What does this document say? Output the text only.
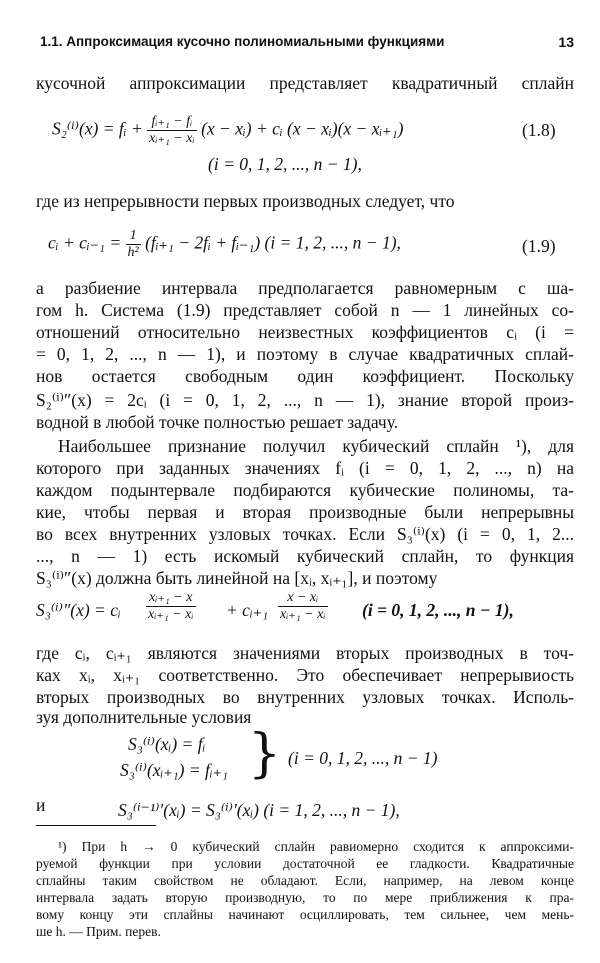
1.1. Аппроксимация кусочно полиномиальными функциями	13
кусочной аппроксимации представляет квадратичный сплайн
S₂⁽ⁱ⁾(x) = fᵢ + $\frac{\text{fᵢ₊₁ − fᵢ}}{\text{xᵢ₊₁ − xᵢ}} (x$ − xᵢ) + cᵢ (x − xᵢ)(x − xᵢ₊₁)	(1.8)
(i = 0, 1, 2, ..., n − 1),
где из непрерывности первых производных следует, что
cᵢ + cᵢ₋₁ = $\frac{1}{\text{h²}}$ (fᵢ₊₁ − 2fᵢ + fᵢ₋₁) (i = 1, 2, ..., n − 1),	(1.9)
а разбиение интервала предполагается равномерным с ша-
гом h. Система (1.9) представляет собой n — 1 линейных со-
отношений относительно неизвестных коэффициентов cᵢ (i =
= 0, 1, 2, ..., n — 1), и поэтому в случае квадратичных сплай-
нов остается свободным один коэффициент. Поскольку
S₂⁽ⁱ⁾″(x) = 2cᵢ (i = 0, 1, 2, ..., n — 1), знание второй произ-
водной в любой точке полностью решает задачу.
Наибольшее признание получил кубический сплайн ¹), для
которого при заданных значениях fᵢ (i = 0, 1, 2, ..., n) на
каждом подынтервале подбираются кубические полиномы, та-
кие, чтобы первая и вторая производные были непрерывны
во всех внутренних узловых точках. Если S₃⁽ⁱ⁾(x) (i = 0, 1, 2...
..., n — 1) есть искомый кубический сплайн, то функция
S₃⁽ⁱ⁾″(x) должна быть линейной на [xᵢ, xᵢ₊₁], и поэтому
S₃⁽ⁱ⁾″(x) = cᵢ $\frac{\text{xᵢ₊₁ − x}}{\text{xᵢ₊₁ − xᵢ}}$ + cᵢ₊₁ $\frac{\text{x − xᵢ}}{\text{xᵢ₊₁ − xᵢ}} (i = 0$, 1, 2, ..., n − 1),
где cᵢ, cᵢ₊₁ являются значениями вторых производных в точ-
ках xᵢ, xᵢ₊₁ соответственно. Это обеспечивает непрерывиость
вторых производных во внутренних узловых точках. Исполь-
зуя дополнительные условия
S₃⁽ⁱ⁾(xᵢ) = fᵢ
S₃⁽ⁱ⁾(xᵢ₊₁) = fᵢ₊₁ } (i = 0, 1, 2, ..., n − 1)
и	S₃⁽ⁱ⁻¹⁾′(xᵢ) = S₃⁽ⁱ⁾′(xᵢ) (i = 1, 2, ..., n − 1),
¹) При h → 0 кубический сплайн равиомерно сходится к аппроксими-
руемой функции при условии достаточной ее гладкости. Квадратичные
сплайны таким свойством не обладают. Если, например, на левом конце
интервала задать вторую производную, то по мере приближения к пра-
вому концу эти сплайны начинают осциллировать, тем сильнее, чем мень-
ше h. — Прим. перев.
